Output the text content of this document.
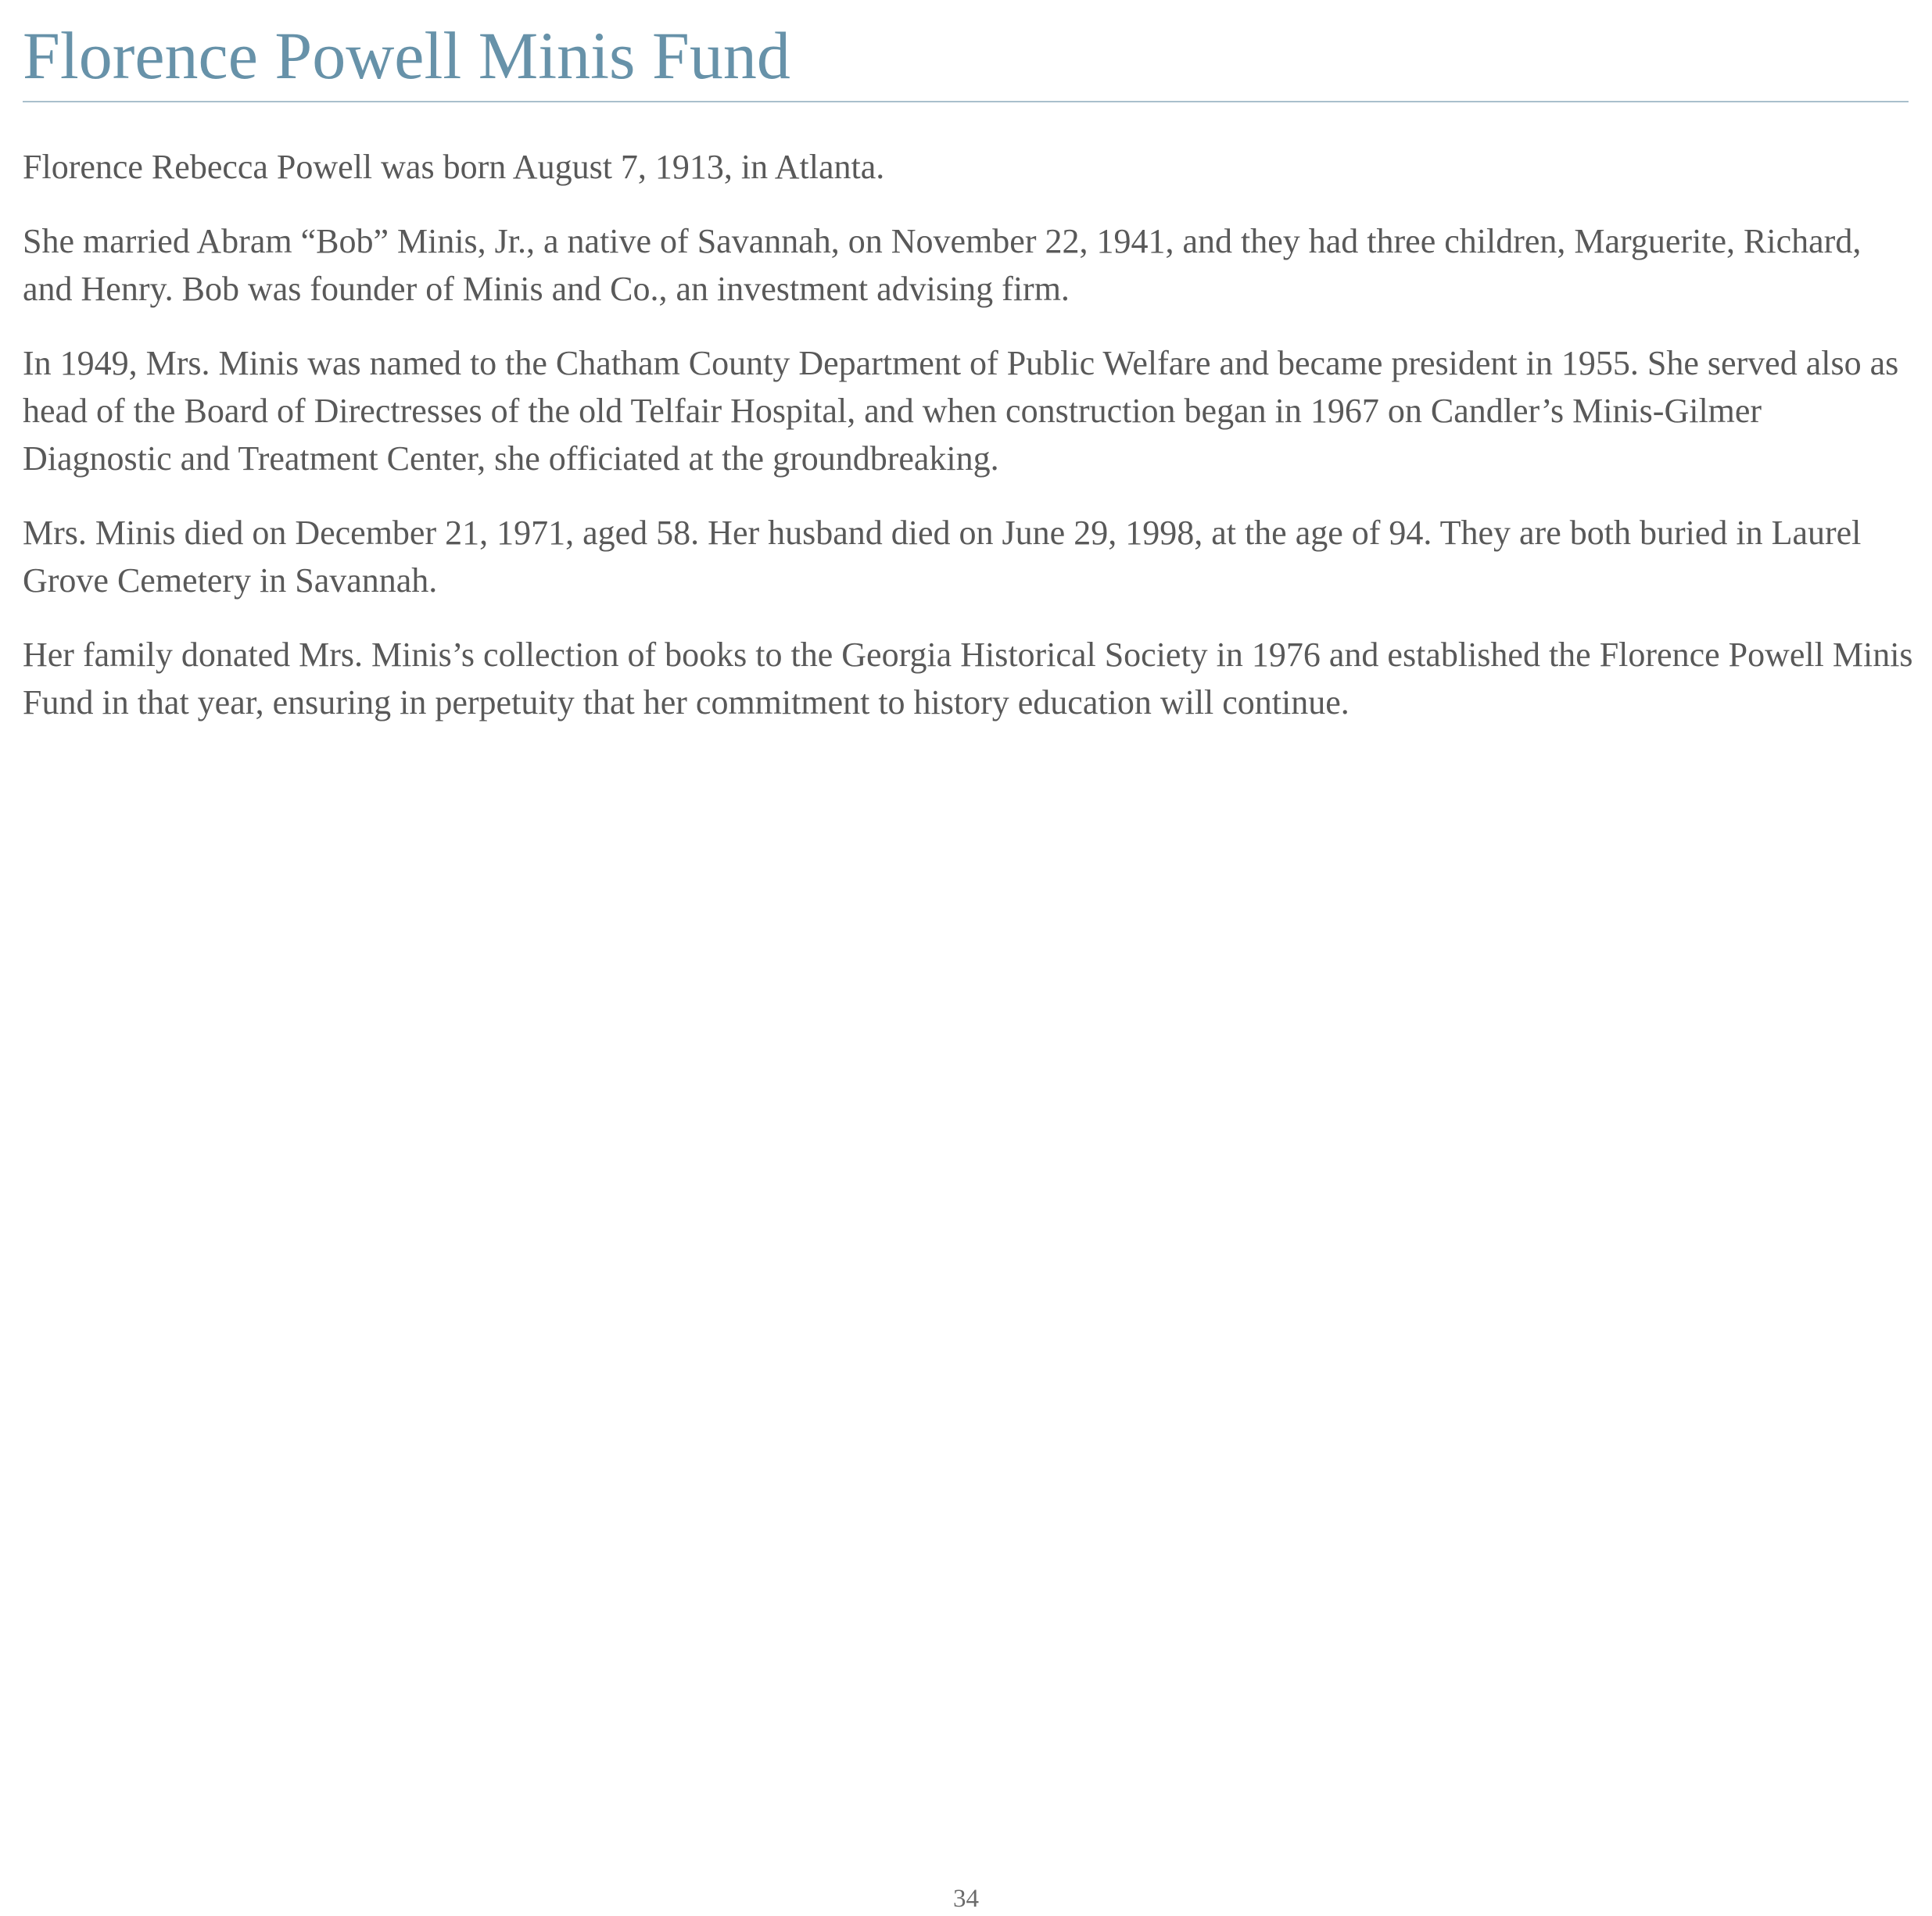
Florence Powell Minis Fund

Florence Rebecca Powell was born August 7, 1913, in Atlanta.

She married Abram “Bob” Minis, Jr., a native of Savannah, on November 22, 1941, and they had three children, Marguerite, Richard, and Henry. Bob was founder of Minis and Co., an investment advising firm.

In 1949, Mrs. Minis was named to the Chatham County Department of Public Welfare and became president in 1955. She served also as head of the Board of Directresses of the old Telfair Hospital, and when construction began in 1967 on Candler’s Minis-Gilmer Diagnostic and Treatment Center, she officiated at the groundbreaking.

Mrs. Minis died on December 21, 1971, aged 58. Her husband died on June 29, 1998, at the age of 94. They are both buried in Laurel Grove Cemetery in Savannah.

Her family donated Mrs. Minis’s collection of books to the Georgia Historical Society in 1976 and established the Florence Powell Minis Fund in that year, ensuring in perpetuity that her commitment to history education will continue.

34
